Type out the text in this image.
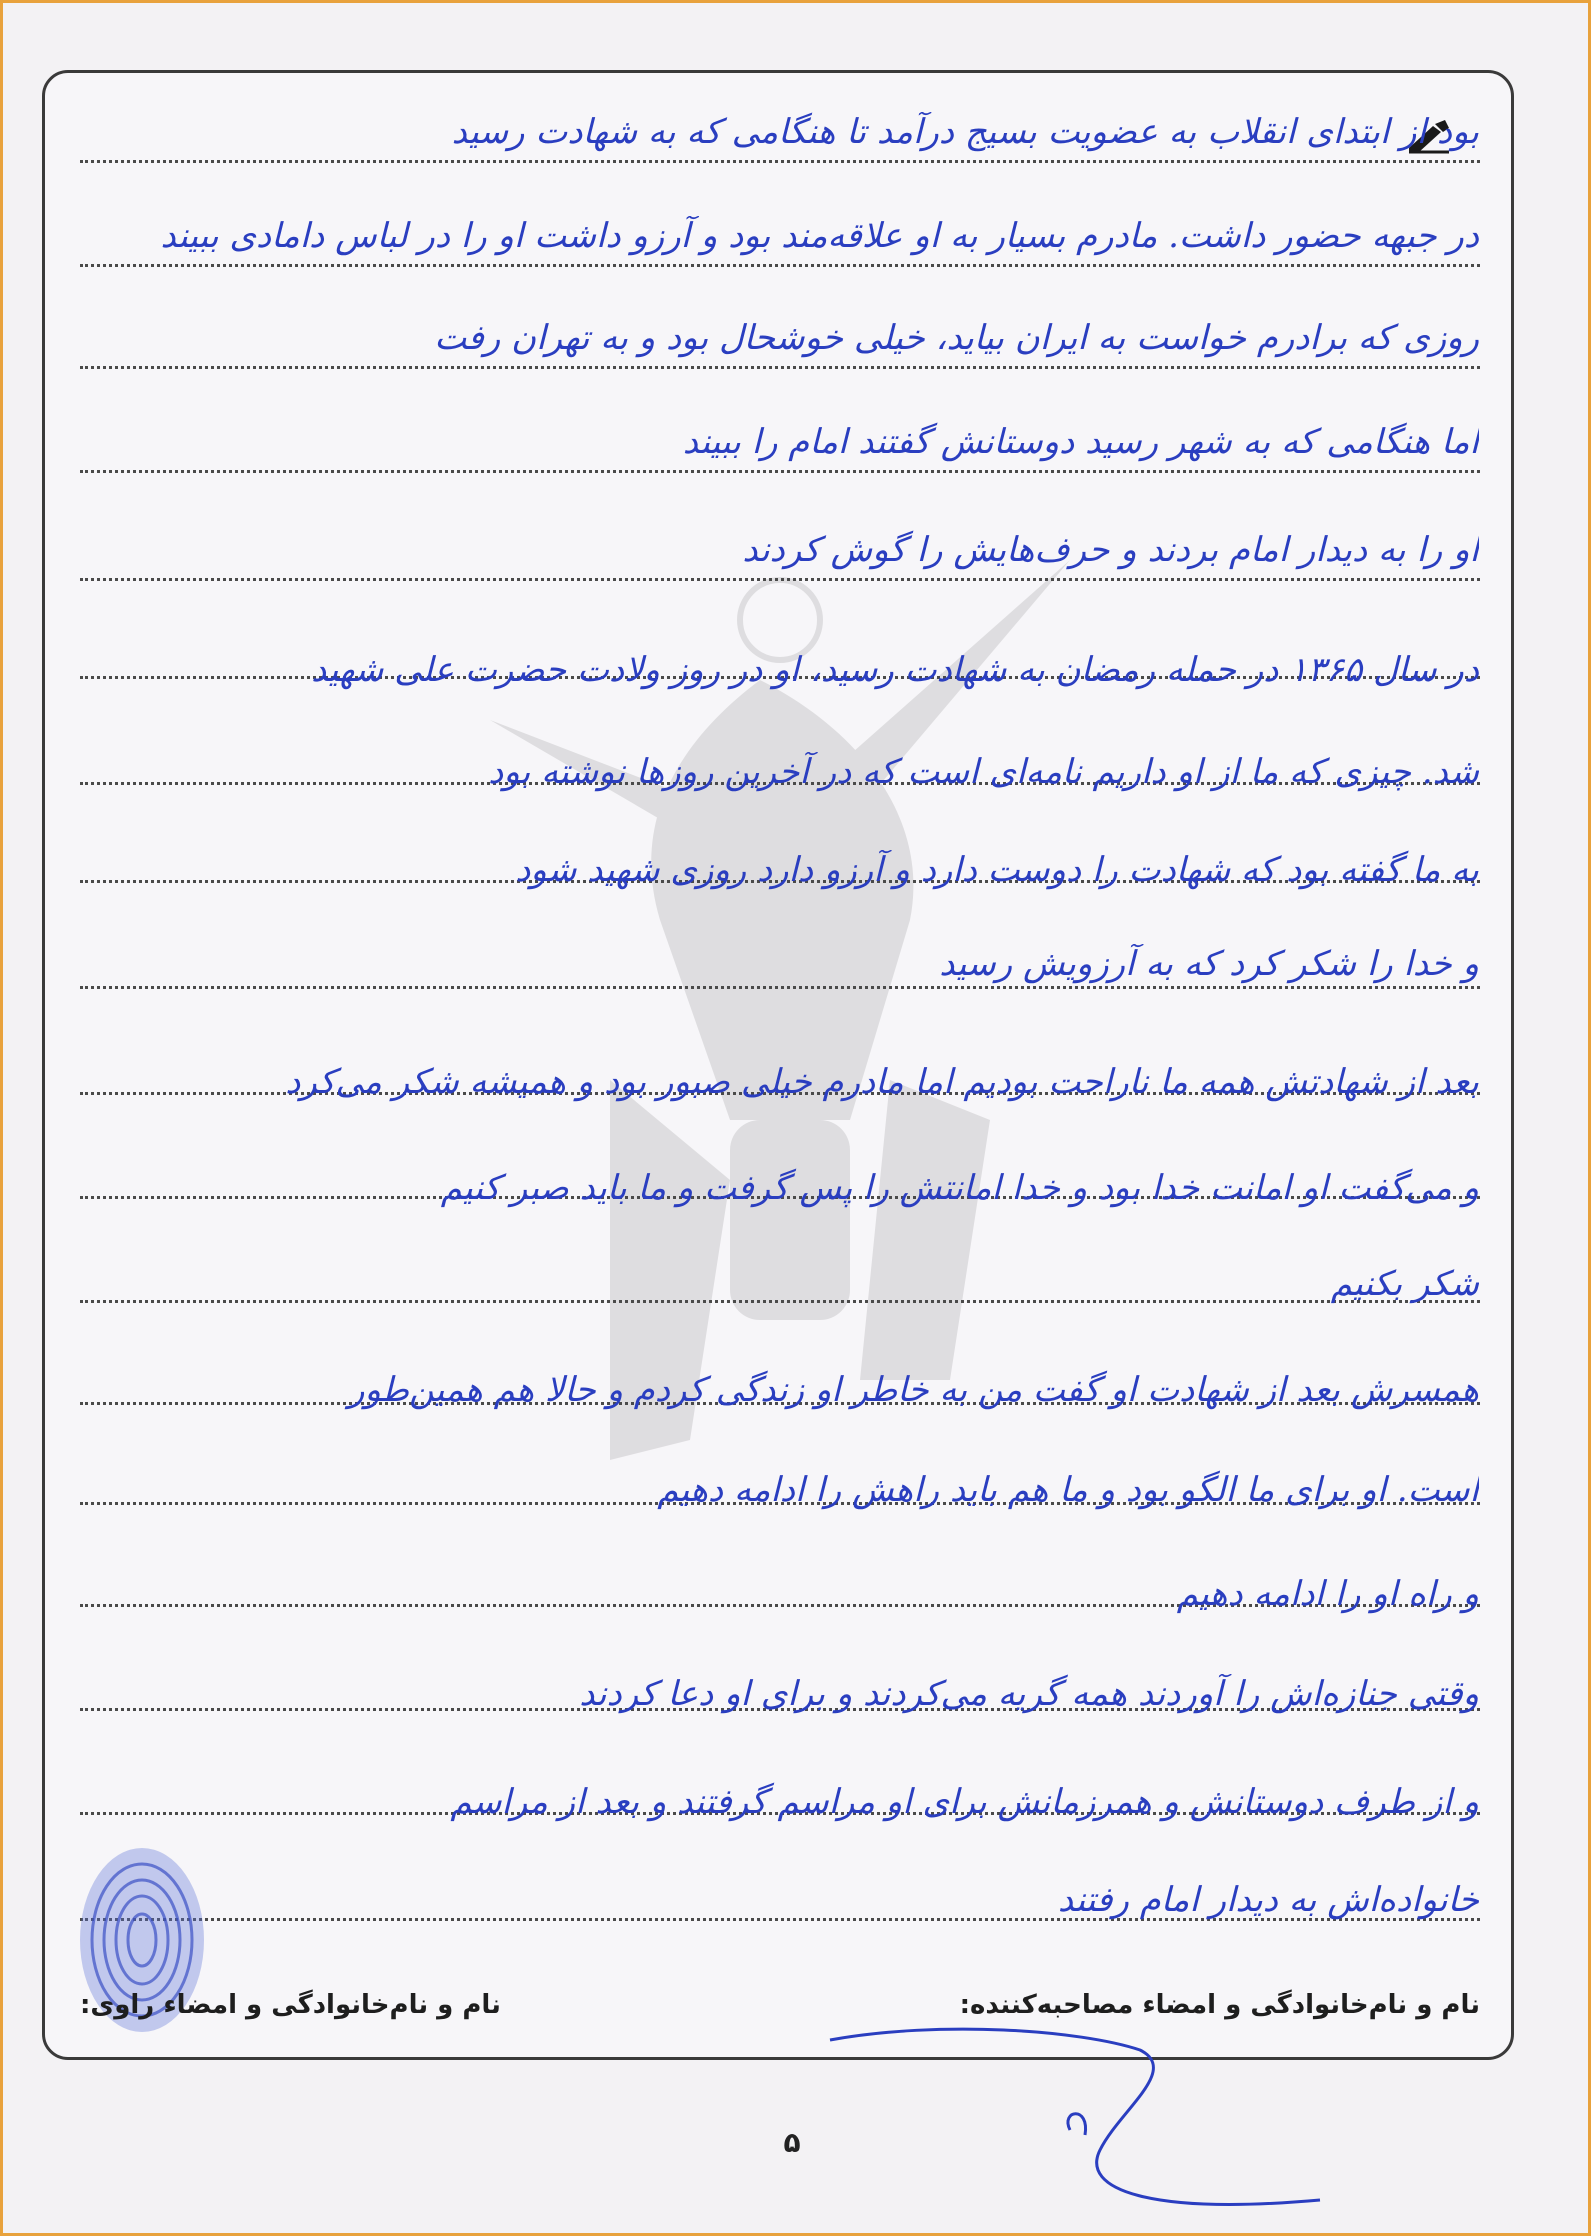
بود از ابتدای انقلاب به عضویت بسیج درآمد تا هنگامی که به شهادت رسید
در جبهه حضور داشت. مادرم بسیار به او علاقه‌مند بود و آرزو داشت او را در لباس دامادی ببیند
روزی که برادرم خواست به ایران بیاید، خیلی خوشحال بود و به تهران رفت
اما هنگامی که به شهر رسید دوستانش گفتند امام را ببیند
او را به دیدار امام بردند و حرف‌هایش را گوش کردند
در سال ۱۳۶۵ در حمله رمضان به شهادت رسید، او در روز ولادت حضرت علی شهید
شد. چیزی که ما از او داریم نامه‌ای است که در آخرین روزها نوشته بود
به ما گفته بود که شهادت را دوست دارد و آرزو دارد روزی شهید شود
و خدا را شکر کرد که به آرزویش رسید
بعد از شهادتش همه ما ناراحت بودیم اما مادرم خیلی صبور بود و همیشه شکر می‌کرد
و می‌گفت او امانت خدا بود و خدا امانتش را پس گرفت و ما باید صبر کنیم
شکر بکنیم
همسرش بعد از شهادت او گفت من به خاطر او زندگی کردم و حالا هم همین‌طور
است. او برای ما الگو بود و ما هم باید راهش را ادامه دهیم
و راه او را ادامه دهیم
وقتی جنازه‌اش را آوردند همه گریه می‌کردند و برای او دعا کردند
و از طرف دوستانش و همرزمانش برای او مراسم گرفتند و بعد از مراسم
خانواده‌اش به دیدار امام رفتند
نام و نام‌خانوادگی و امضاء مصاحبه‌کننده:
نام و نام‌خانوادگی و امضاء راوی:
۵
